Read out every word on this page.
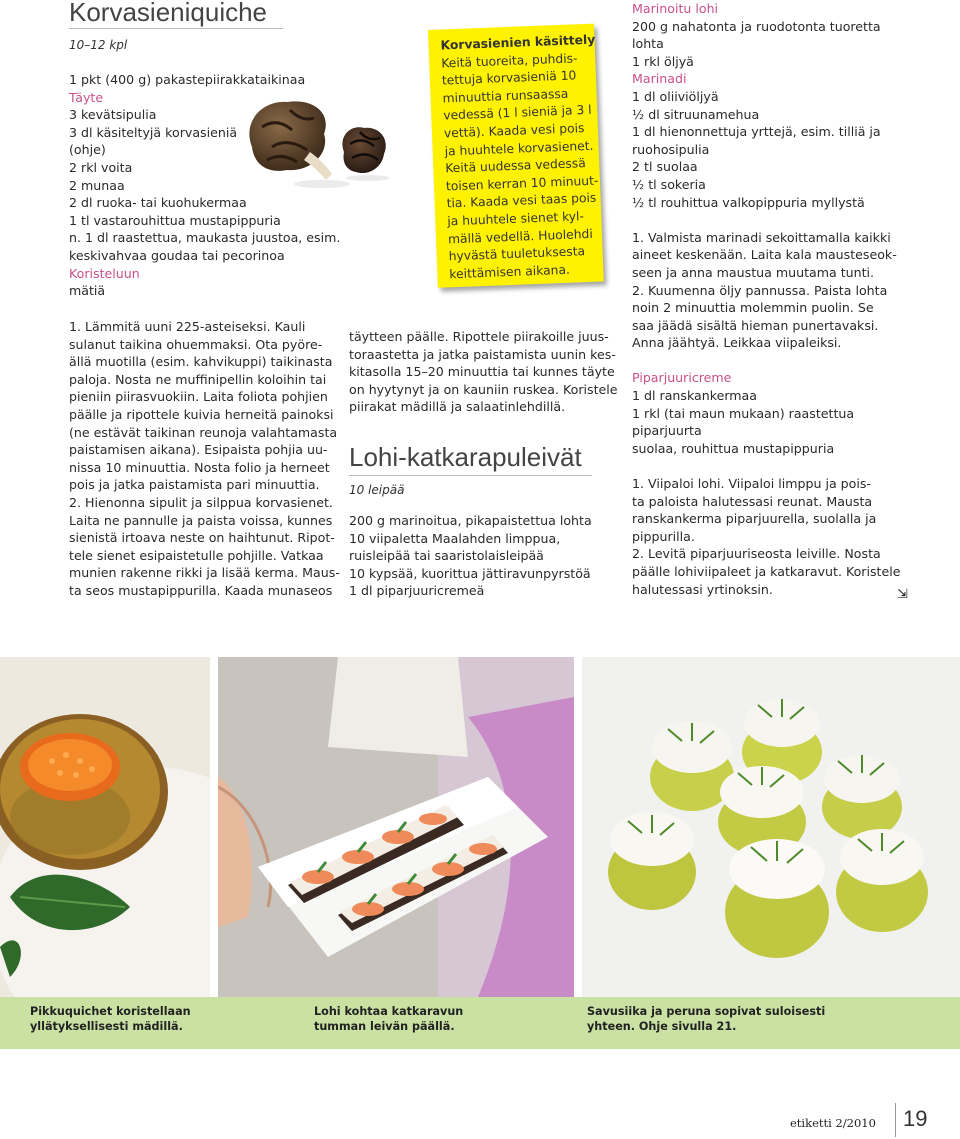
Korvasieniquiche
10–12 kpl
1 pkt (400 g) pakastepiirakkataikinaa
Täyte
3 kevätsipulia
3 dl käsiteltyjä korvasieniä
(ohje)
2 rkl voita
2 munaa
2 dl ruoka- tai kuohukermaa
1 tl vastarouhittua mustapippuria
n. 1 dl raastettua, maukasta juustoa, esim.
keskivahvaa goudaa tai pecorinoa
Koristeluun
mätiä
1. Lämmitä uuni 225-asteiseksi. Kauli
sulanut taikina ohuemmaksi. Ota pyöre-
ällä muotilla (esim. kahvikuppi) taikinasta
paloja. Nosta ne muffinipellin koloihin tai
pieniin piirasvuokiin. Laita foliota pohjien
päälle ja ripottele kuivia herneitä painoksi
(ne estävät taikinan reunoja valahtamasta
paistamisen aikana). Esipaista pohjia uu-
nissa 10 minuuttia. Nosta folio ja herneet
pois ja jatka paistamista pari minuuttia.
2. Hienonna sipulit ja silppua korvasienet.
Laita ne pannulle ja paista voissa, kunnes
sienistä irtoava neste on haihtunut. Ripot-
tele sienet esipaistetulle pohjille. Vatkaa
munien rakenne rikki ja lisää kerma. Maus-
ta seos mustapippurilla. Kaada munaseos
Korvasienien käsittely
Keitä tuoreita, puhdis-
tettuja korvasieniä 10
minuuttia runsaassa
vedessä (1 l sieniä ja 3 l
vettä). Kaada vesi pois
ja huuhtele korvasienet.
Keitä uudessa vedessä
toisen kerran 10 minuut-
tia. Kaada vesi taas pois
ja huuhtele sienet kyl-
mällä vedellä. Huolehdi
hyvästä tuuletuksesta
keittämisen aikana.
täytteen päälle. Ripottele piirakoille juus-
toraastetta ja jatka paistamista uunin kes-
kitasolla 15–20 minuuttia tai kunnes täyte
on hyytynyt ja on kauniin ruskea. Koristele
piirakat mädillä ja salaatinlehdillä.
Lohi-katkarapuleivät
10 leipää
200 g marinoitua, pikapaistettua lohta
10 viipaletta Maalahden limppua,
ruisleipää tai saaristolaisleipää
10 kypsää, kuorittua jättiravunpyrstöä
1 dl piparjuuricremeä
Marinoitu lohi
200 g nahatonta ja ruodotonta tuoretta
lohta
1 rkl öljyä
Marinadi
1 dl oliiviöljyä
½ dl sitruunamehua
1 dl hienonnettuja yrttejä, esim. tilliä ja
ruohosipulia
2 tl suolaa
½ tl sokeria
½ tl rouhittua valkopippuria myllystä

1. Valmista marinadi sekoittamalla kaikki
aineet keskenään. Laita kala mausteseok-
seen ja anna maustua muutama tunti.
2. Kuumenna öljy pannussa. Paista lohta
noin 2 minuuttia molemmin puolin. Se
saa jäädä sisältä hieman punertavaksi.
Anna jäähtyä. Leikkaa viipaleiksi.

Piparjuuricreme
1 dl ranskankermaa
1 rkl (tai maun mukaan) raastettua
piparjuurta
suolaa, rouhittua mustapippuria

1. Viipaloi lohi. Viipaloi limppu ja pois-
ta paloista halutessasi reunat. Mausta
ranskankerma piparjuurella, suolalla ja
pippurilla.
2. Levitä piparjuuriseosta leiville. Nosta
päälle lohiviipaleet ja katkaravut. Koristele
halutessasi yrtinoksin.	⇲
Pikkuquichet koristellaan
yllätyksellisesti mädillä.
Lohi kohtaa katkaravun
tumman leivän päällä.
Savusiika ja peruna sopivat suloisesti
yhteen. Ohje sivulla 21.
etiketti 2/2010 19
